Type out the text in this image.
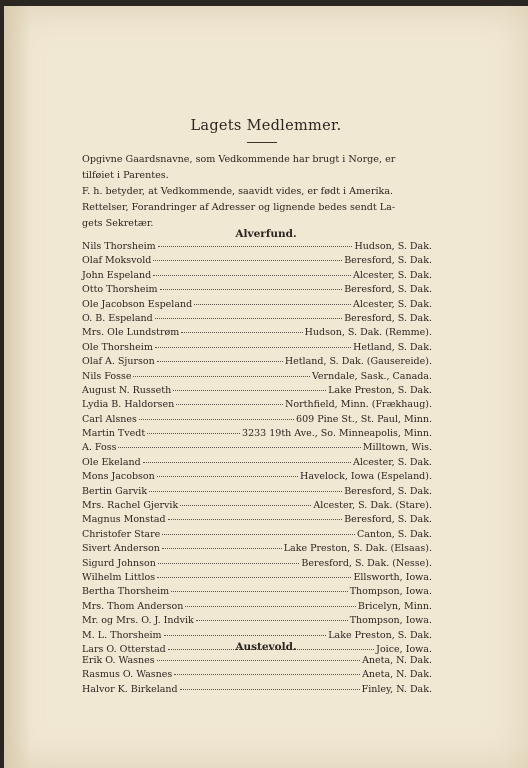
Lagets Medlemmer.
Opgivne Gaardsnavne, som Vedkommende har brugt i Norge, er
tilføiet i Parentes.
F. h. betyder, at Vedkommende, saavidt vides, er født i Amerika.
Rettelser, Forandringer af Adresser og lignende bedes sendt La-
gets Sekretær.
Alverfund.
Nils Thorsheim	Hudson, S. Dak.
Olaf Moksvold	Beresford, S. Dak.
John Espeland	Alcester, S. Dak.
Otto Thorsheim	Beresford, S. Dak.
Ole Jacobson Espeland	Alcester, S. Dak.
O. B. Espeland	Beresford, S. Dak.
Mrs. Ole Lundstrøm	Hudson, S. Dak. (Remme).
Ole Thorsheim	Hetland, S. Dak.
Olaf A. Sjurson	Hetland, S. Dak. (Gausereide).
Nils Fosse	Verndale, Sask., Canada.
August N. Russeth	Lake Preston, S. Dak.
Lydia B. Haldorsen	Northfield, Minn. (Frækhaug).
Carl Alsnes	609 Pine St., St. Paul, Minn.
Martin Tvedt	3233 19th Ave., So. Minneapolis, Minn.
A. Foss	Milltown, Wis.
Ole Ekeland	Alcester, S. Dak.
Mons Jacobson	Havelock, Iowa (Espeland).
Bertin Garvik	Beresford, S. Dak.
Mrs. Rachel Gjervik	Alcester, S. Dak. (Stare).
Magnus Monstad	Beresford, S. Dak.
Christofer Stare	Canton, S. Dak.
Sivert Anderson	Lake Preston, S. Dak. (Elsaas).
Sigurd Johnson	Beresford, S. Dak. (Nesse).
Wilhelm Littlos	Ellsworth, Iowa.
Bertha Thorsheim	Thompson, Iowa.
Mrs. Thom Anderson	Bricelyn, Minn.
Mr. og Mrs. O. J. Indvik	Thompson, Iowa.
M. L. Thorsheim	Lake Preston, S. Dak.
Lars O. Otterstad	Joice, Iowa.
Austevold.
Erik O. Wasnes	Aneta, N. Dak.
Rasmus O. Wasnes	Aneta, N. Dak.
Halvor K. Birkeland	Finley, N. Dak.
